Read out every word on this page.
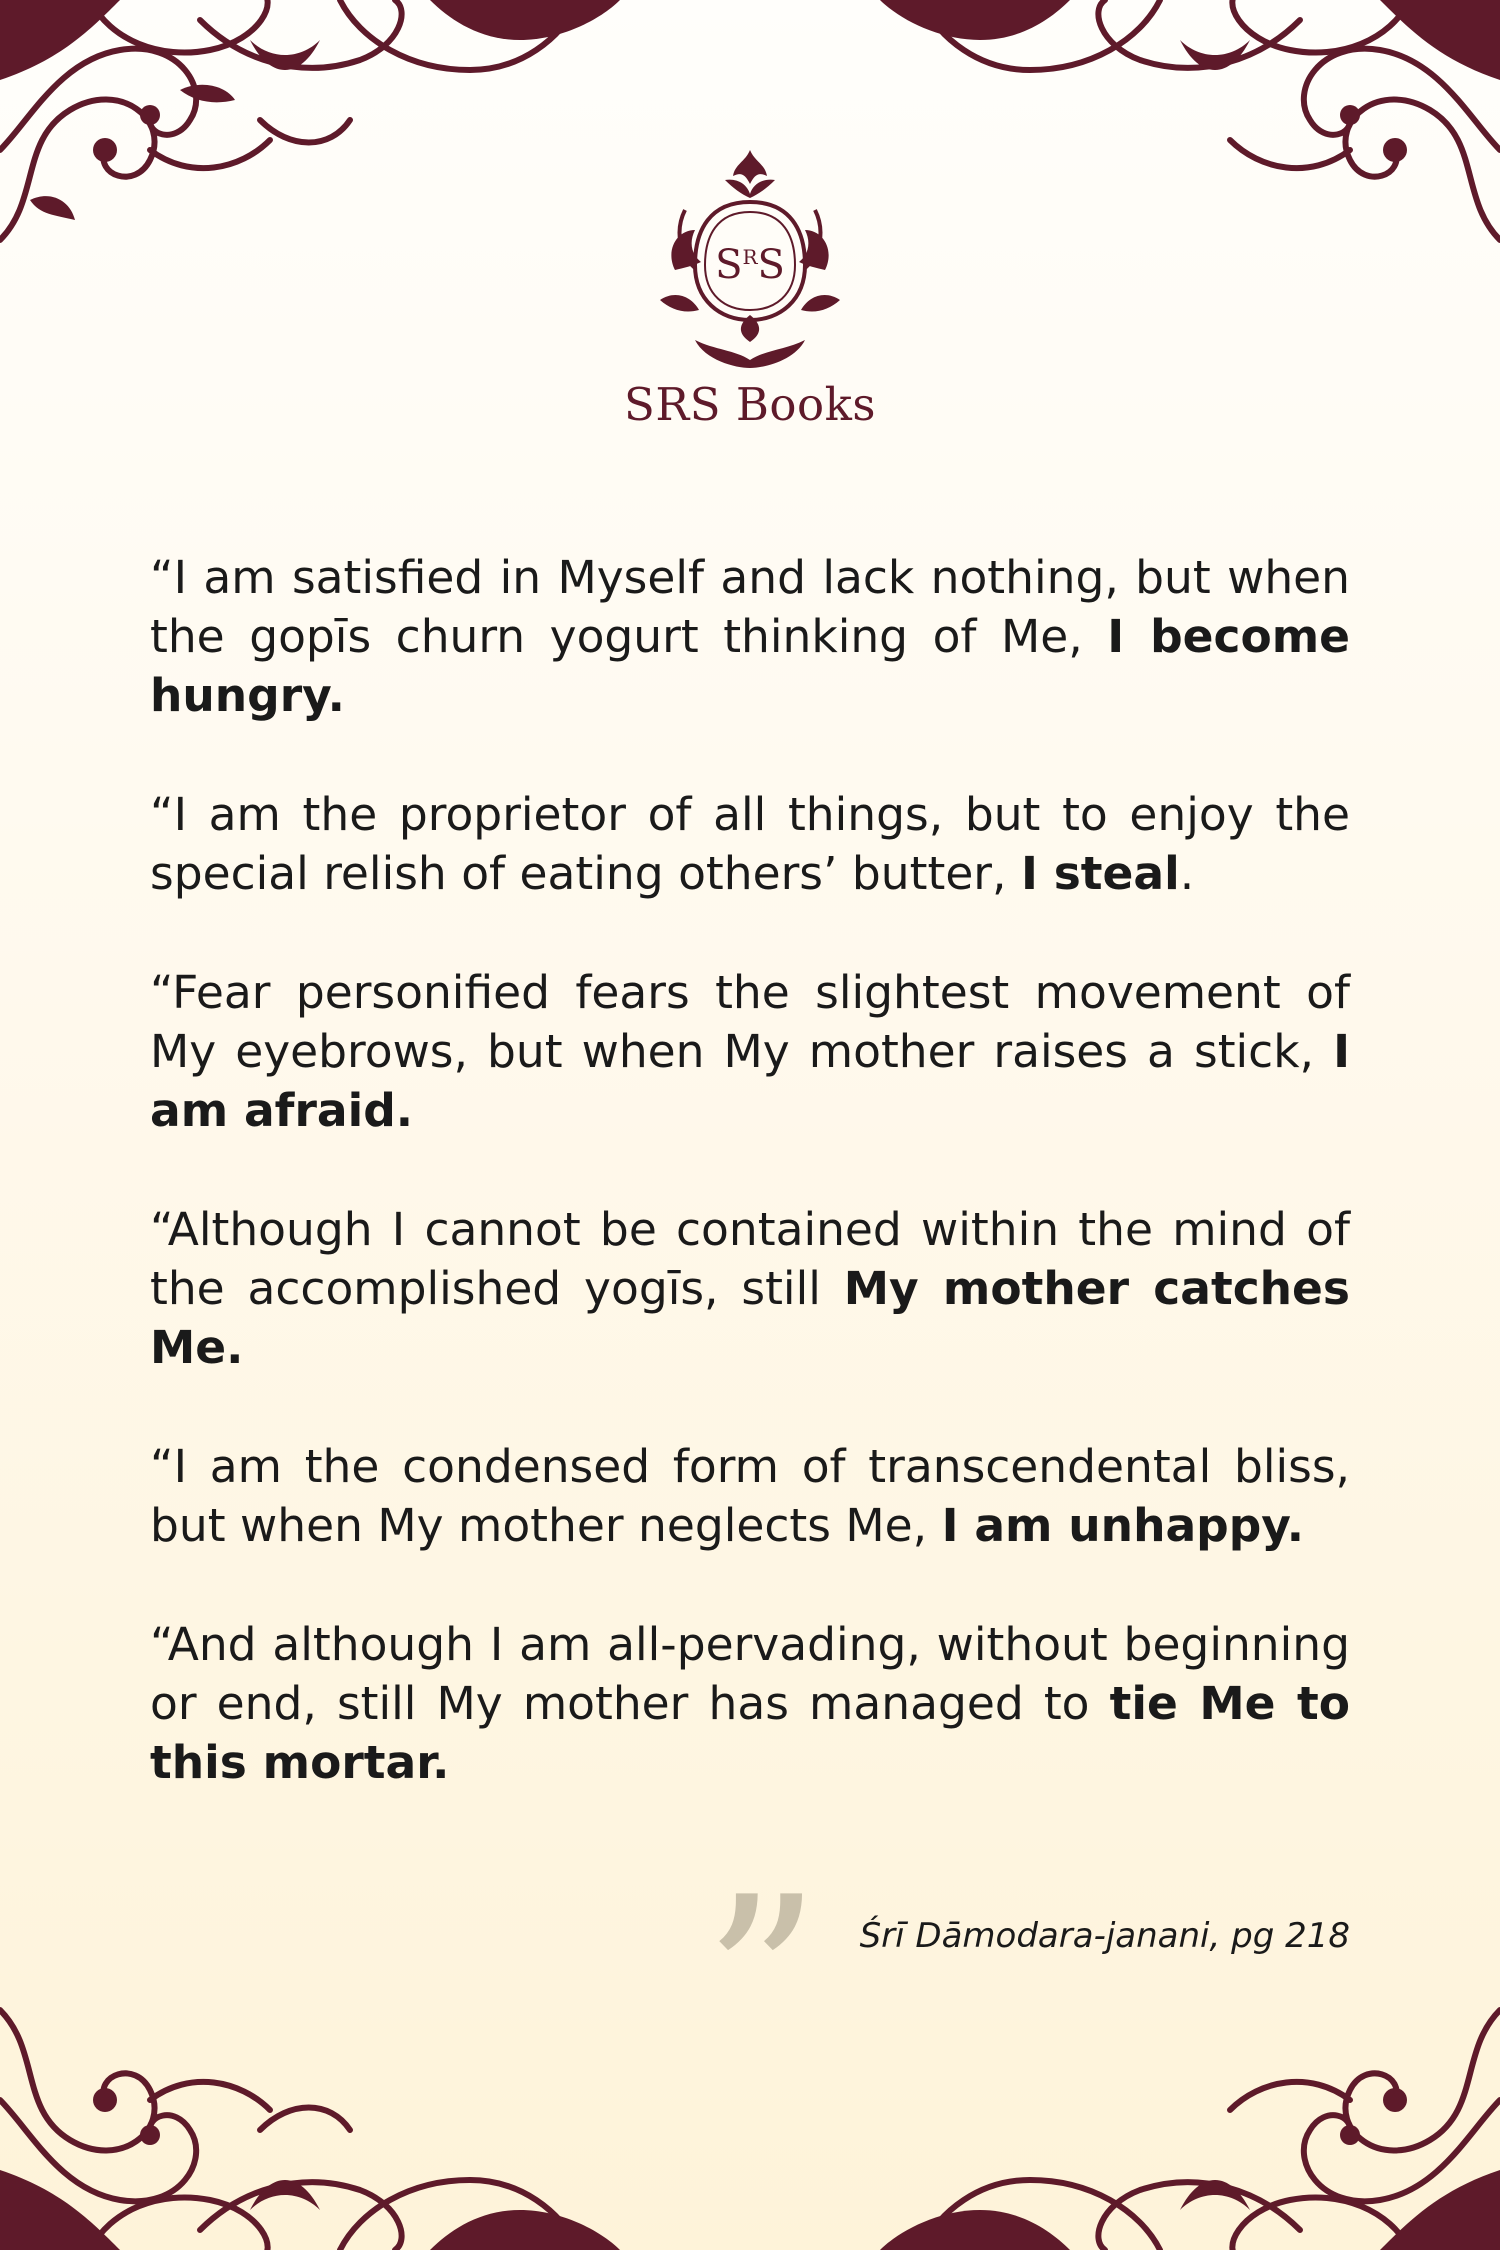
$S^RS$
SRS Books

“I am satisfied in Myself and lack nothing, but when the gopīs churn yogurt thinking of Me, I become hungry.

“I am the proprietor of all things, but to enjoy the special relish of eating others’ butter, I steal.

“Fear personified fears the slightest movement of My eyebrows, but when My mother raises a stick, I am afraid.

“Although I cannot be contained within the mind of the accomplished yogīs, still My mother catches Me.

“I am the condensed form of transcendental bliss, but when My mother neglects Me, I am unhappy.

“And although I am all-pervading, without beginning or end, still My mother has managed to tie Me to this mortar.

” Śrī Dāmodara-janani, pg 218
